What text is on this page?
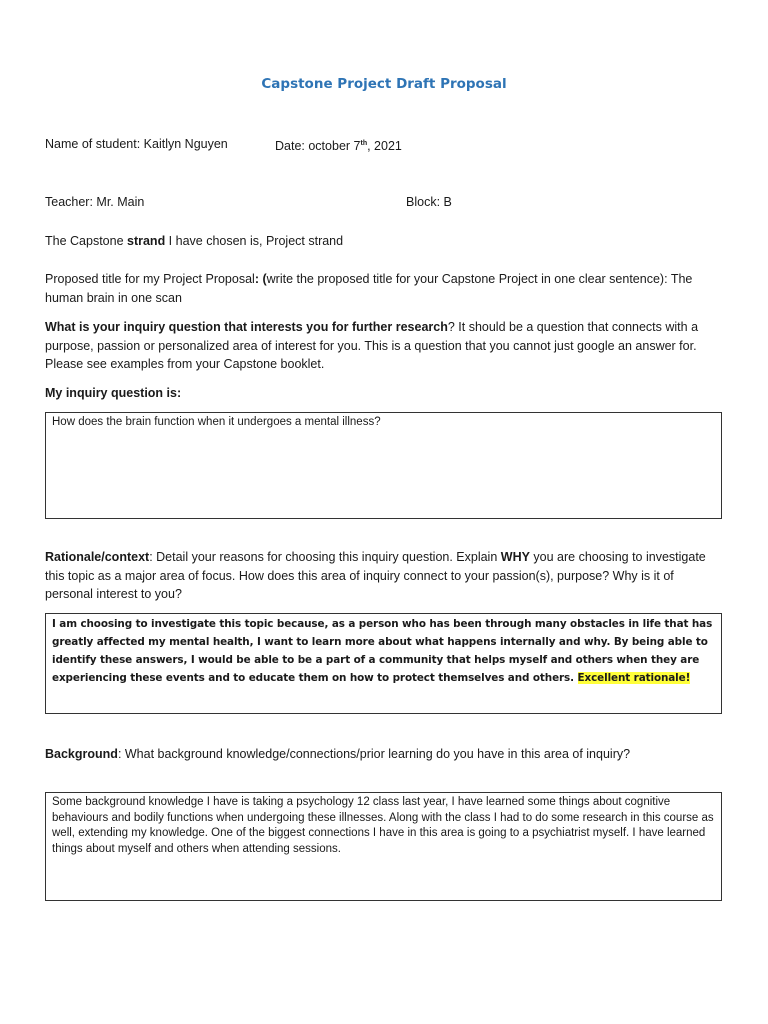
Capstone Project Draft Proposal
Name of student: Kaitlyn Nguyen	Date: october 7th, 2021
Teacher: Mr. Main	Block: B
The Capstone strand I have chosen is, Project strand
Proposed title for my Project Proposal: (write the proposed title for your Capstone Project in one clear sentence): The human brain in one scan
What is your inquiry question that interests you for further research? It should be a question that connects with a purpose, passion or personalized area of interest for you. This is a question that you cannot just google an answer for. Please see examples from your Capstone booklet.
My inquiry question is:
How does the brain function when it undergoes a mental illness?
Rationale/context: Detail your reasons for choosing this inquiry question. Explain WHY you are choosing to investigate this topic as a major area of focus. How does this area of inquiry connect to your passion(s), purpose? Why is it of personal interest to you?
I am choosing to investigate this topic because, as a person who has been through many obstacles in life that has greatly affected my mental health, I want to learn more about what happens internally and why. By being able to identify these answers, I would be able to be a part of a community that helps myself and others when they are experiencing these events and to educate them on how to protect themselves and others. Excellent rationale!
Background: What background knowledge/connections/prior learning do you have in this area of inquiry?
Some background knowledge I have is taking a psychology 12 class last year, I have learned some things about cognitive behaviours and bodily functions when undergoing these illnesses. Along with the class I had to do some research in this course as well, extending my knowledge. One of the biggest connections I have in this area is going to a psychiatrist myself. I have learned things about myself and others when attending sessions.
